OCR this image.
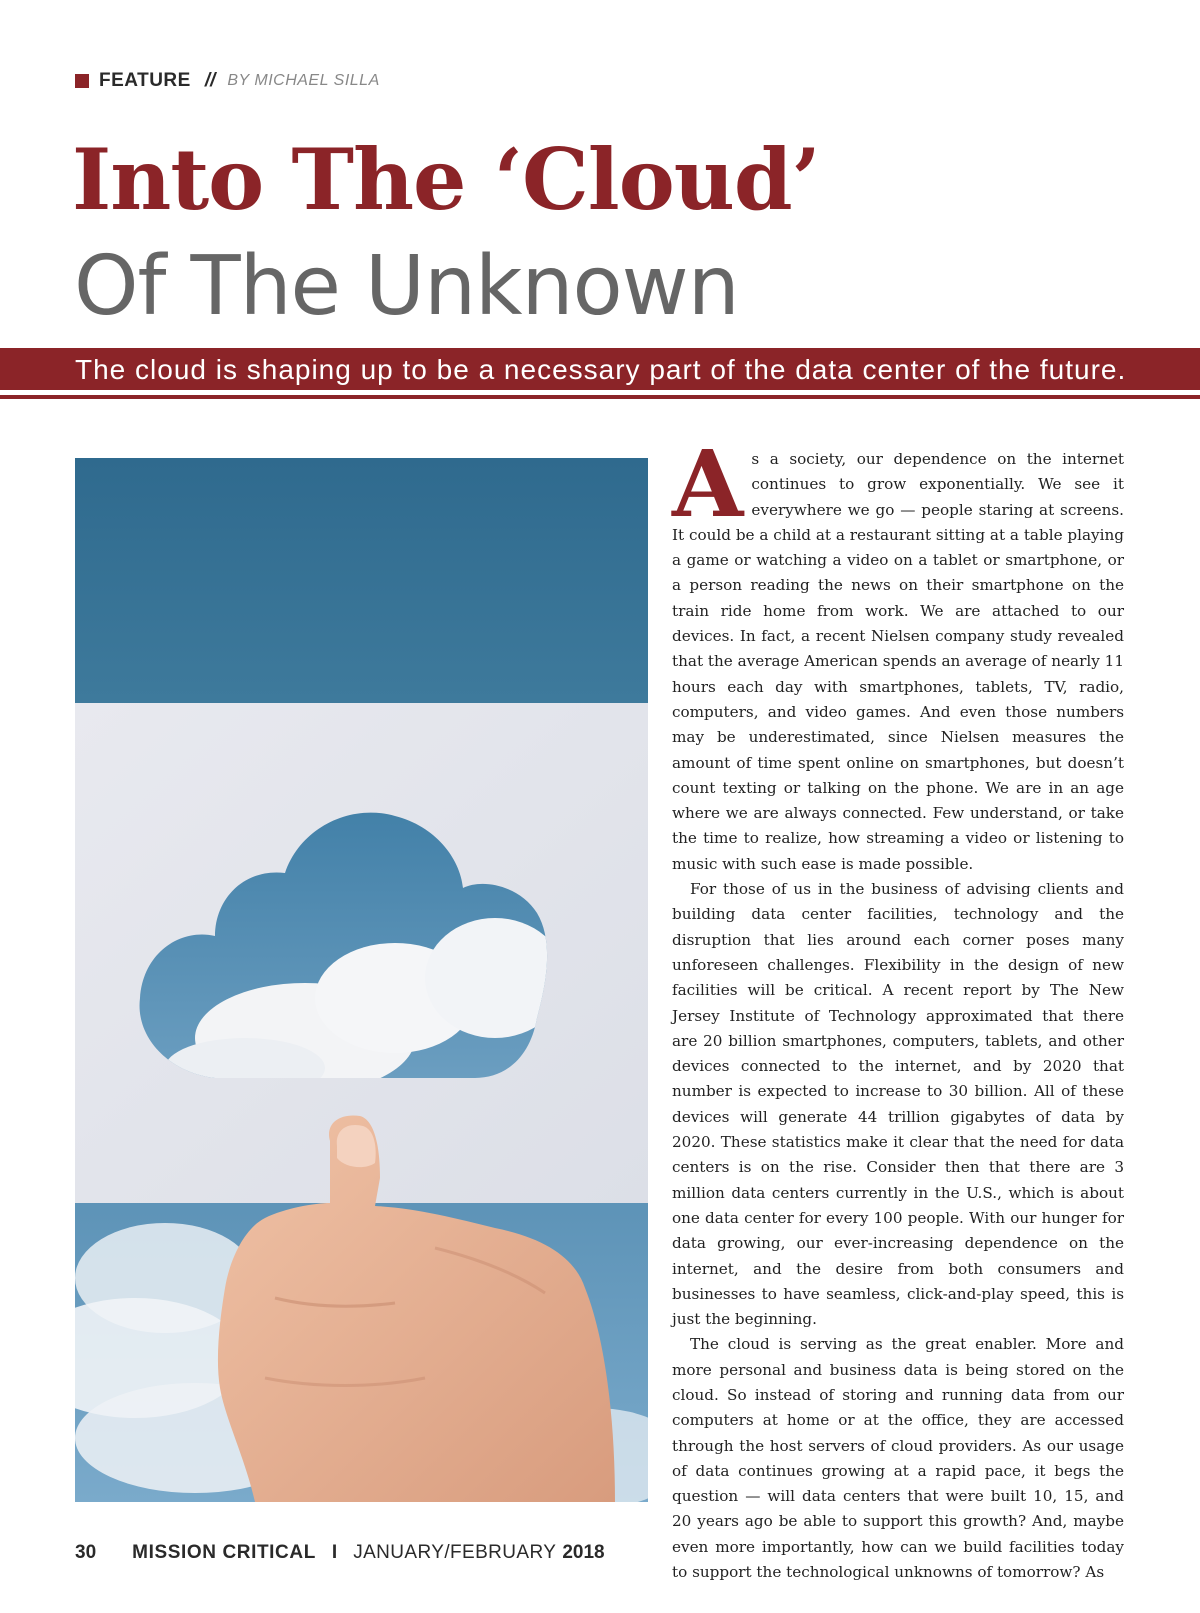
FEATURE // BY MICHAEL SILLA
Into The ‘Cloud’
Of The Unknown
The cloud is shaping up to be a necessary part of the data center of the future.

As a society, our dependence on the internet continues to grow exponentially. We see it everywhere we go — people staring at screens. It could be a child at a restaurant sitting at a table playing a game or watching a video on a tablet or smartphone, or a person reading the news on their smartphone on the train ride home from work. We are attached to our devices. In fact, a recent Nielsen company study revealed that the average American spends an average of nearly 11 hours each day with smartphones, tablets, TV, radio, computers, and video games. And even those numbers may be underestimated, since Nielsen measures the amount of time spent online on smartphones, but doesn’t count texting or talking on the phone. We are in an age where we are always connected. Few understand, or take the time to realize, how streaming a video or listening to music with such ease is made possible.

For those of us in the business of advising clients and building data center facilities, technology and the disruption that lies around each corner poses many unforeseen challenges. Flexibility in the design of new facilities will be critical. A recent report by The New Jersey Institute of Technology approximated that there are 20 billion smartphones, computers, tablets, and other devices connected to the internet, and by 2020 that number is expected to increase to 30 billion. All of these devices will generate 44 trillion gigabytes of data by 2020. These statistics make it clear that the need for data centers is on the rise. Consider then that there are 3 million data centers currently in the U.S., which is about one data center for every 100 people. With our hunger for data growing, our ever-increasing dependence on the internet, and the desire from both consumers and businesses to have seamless, click-and-play speed, this is just the beginning.

The cloud is serving as the great enabler. More and more personal and business data is being stored on the cloud. So instead of storing and running data from our computers at home or at the office, they are accessed through the host servers of cloud providers. As our usage of data continues growing at a rapid pace, it begs the question — will data centers that were built 10, 15, and 20 years ago be able to support this growth? And, maybe even more importantly, how can we build facilities today to support the technological unknowns of tomorrow? As

30 MISSION CRITICAL I JANUARY/FEBRUARY 2018
